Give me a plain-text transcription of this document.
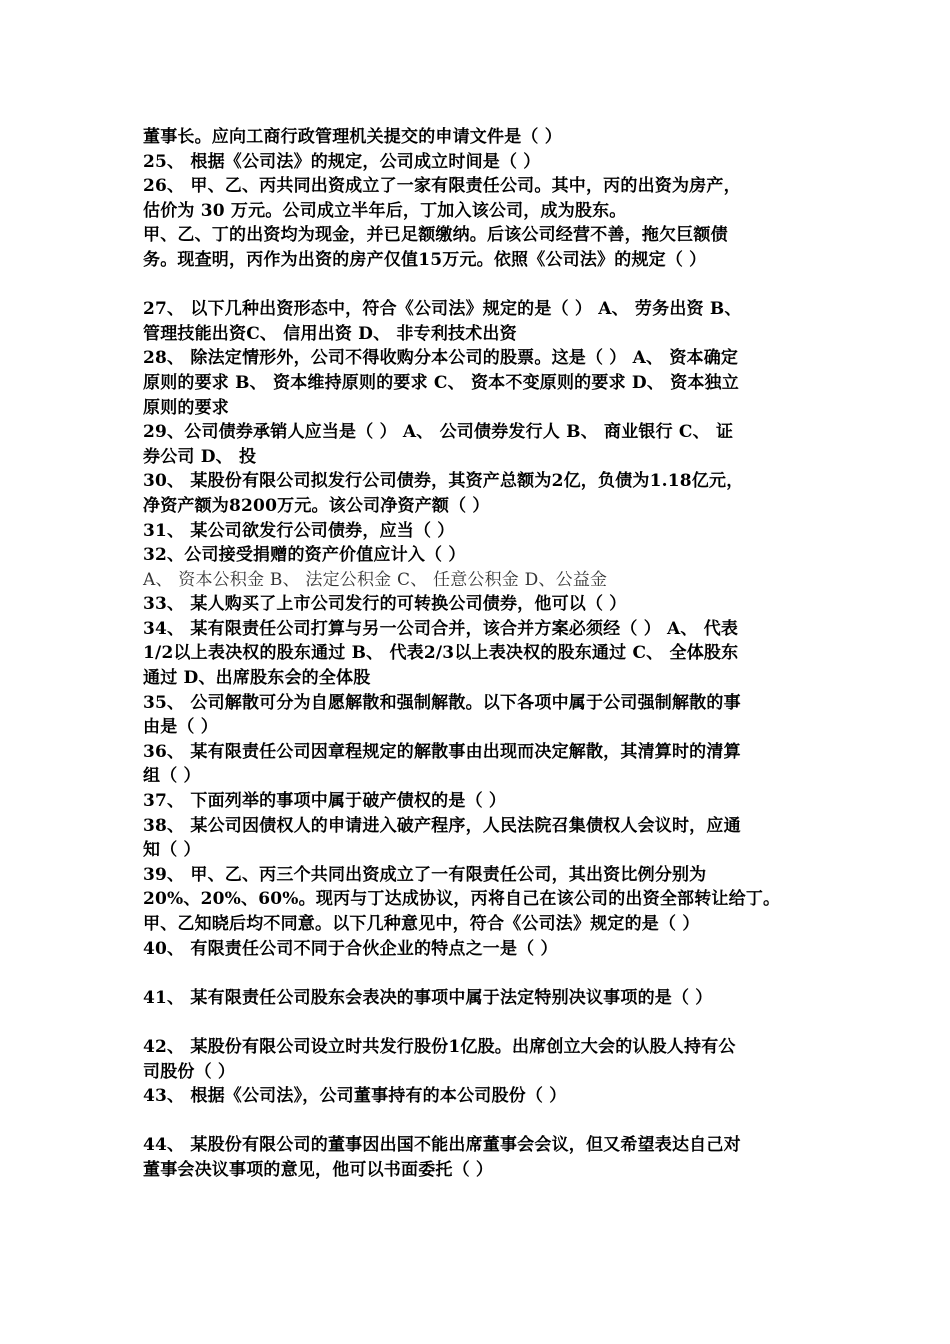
董事长。应向工商行政管理机关提交的申请文件是（ ）
25、 根据《公司法》的规定，公司成立时间是（ ）
26、 甲、乙、丙共同出资成立了一家有限责任公司。其中，丙的出资为房产，
估价为 30 万元。公司成立半年后，丁加入该公司，成为股东。
甲、乙、丁的出资均为现金，并已足额缴纳。后该公司经营不善，拖欠巨额债
务。现查明，丙作为出资的房产仅值15万元。依照《公司法》的规定（ ）
27、 以下几种出资形态中，符合《公司法》规定的是（ ） A、 劳务出资 B、
管理技能出资C、 信用出资 D、 非专利技术出资
28、 除法定情形外，公司不得收购分本公司的股票。这是（ ） A、 资本确定
原则的要求 B、 资本维持原则的要求 C、 资本不变原则的要求 D、 资本独立
原则的要求
29、公司债券承销人应当是（ ） A、 公司债券发行人 B、 商业银行 C、 证
券公司 D、 投
30、 某股份有限公司拟发行公司债券，其资产总额为2亿，负债为1.18亿元，
净资产额为8200万元。该公司净资产额（ ）
31、 某公司欲发行公司债券，应当（ ）
32、公司接受捐赠的资产价值应计入（ ）
A、 资本公积金 B、 法定公积金 C、 任意公积金 D、公益金
33、 某人购买了上市公司发行的可转换公司债券，他可以（ ）
34、 某有限责任公司打算与另一公司合并，该合并方案必须经（ ） A、 代表
1/2以上表决权的股东通过 B、 代表2/3以上表决权的股东通过 C、 全体股东
通过 D、出席股东会的全体股
35、 公司解散可分为自愿解散和强制解散。以下各项中属于公司强制解散的事
由是（ ）
36、 某有限责任公司因章程规定的解散事由出现而决定解散，其清算时的清算
组（ ）
37、 下面列举的事项中属于破产债权的是（ ）
38、 某公司因债权人的申请进入破产程序，人民法院召集债权人会议时，应通
知（ ）
39、 甲、乙、丙三个共同出资成立了一有限责任公司，其出资比例分别为
20%、20%、60%。现丙与丁达成协议，丙将自己在该公司的出资全部转让给丁。
甲、乙知晓后均不同意。以下几种意见中，符合《公司法》规定的是（ ）
40、 有限责任公司不同于合伙企业的特点之一是（ ）
41、 某有限责任公司股东会表决的事项中属于法定特别决议事项的是（ ）
42、 某股份有限公司设立时共发行股份1亿股。出席创立大会的认股人持有公
司股份（ ）
43、 根据《公司法》，公司董事持有的本公司股份（ ）
44、 某股份有限公司的董事因出国不能出席董事会会议，但又希望表达自己对
董事会决议事项的意见，他可以书面委托（ ）
